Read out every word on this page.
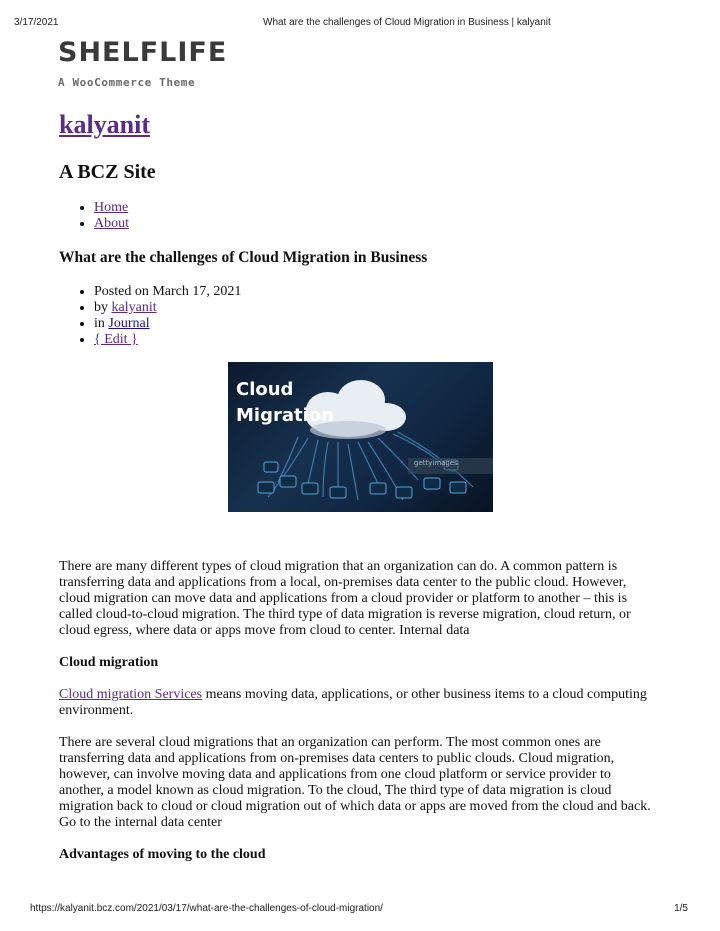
3/17/2021	What are the challenges of Cloud Migration in Business | kalyanit
SHELFLIFE
A WooCommerce Theme
kalyanit
A BCZ Site
• Home
• About
What are the challenges of Cloud Migration in Business
• Posted on March 17, 2021
• by kalyanit
• in Journal
• { Edit }
Cloud
Migration
gettyimages

There are many different types of cloud migration that an organization can do. A common pattern is transferring data and applications from a local, on-premises data center to the public cloud. However, cloud migration can move data and applications from a cloud provider or platform to another – this is called cloud-to-cloud migration. The third type of data migration is reverse migration, cloud return, or cloud egress, where data or apps move from cloud to center. Internal data

Cloud migration

Cloud migration Services means moving data, applications, or other business items to a cloud computing environment.

There are several cloud migrations that an organization can perform. The most common ones are transferring data and applications from on-premises data centers to public clouds. Cloud migration, however, can involve moving data and applications from one cloud platform or service provider to another, a model known as cloud migration. To the cloud, The third type of data migration is cloud migration back to cloud or cloud migration out of which data or apps are moved from the cloud and back. Go to the internal data center

Advantages of moving to the cloud

https://kalyanit.bcz.com/2021/03/17/what-are-the-challenges-of-cloud-migration/	1/5
